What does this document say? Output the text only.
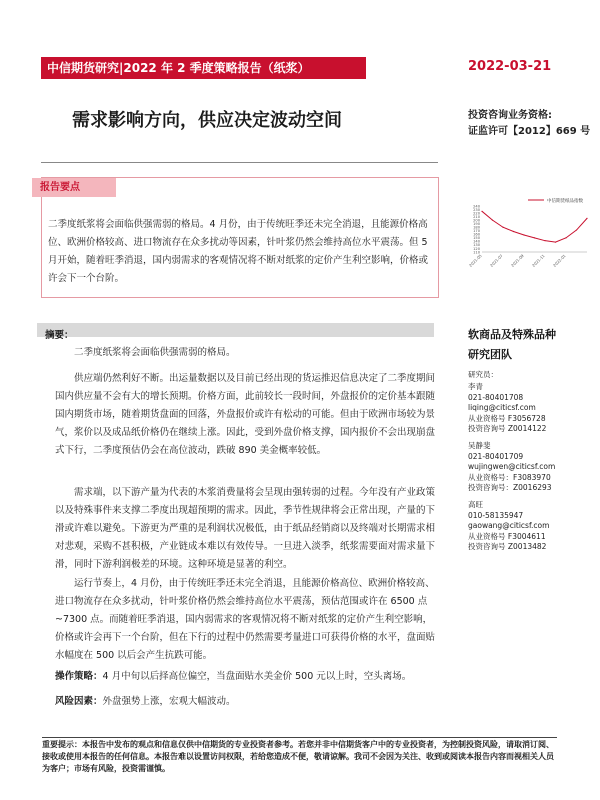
中信期货研究|2022 年 2 季度策略报告（纸浆）	2022-03-21
需求影响方向，供应决定波动空间	投资咨询业务资格:
证监许可【2012】669 号
报告要点
二季度纸浆将会面临供强需弱的格局。4 月份，由于传统旺季还未完全消退，且能源价格高位、欧洲价格较高、进口物流存在众多扰动等因素，针叶浆仍然会维持高位水平震荡。但 5 月开始，随着旺季消退，国内弱需求的客观情况将不断对纸浆的定价产生利空影响，价格或许会下一个台阶。
中信期货纸品指数
240
230
220
210
200
190
180
170
160
150
140
130
120
110
2021-05 2021-07 2021-09 2021-11 2022-01
摘要：

二季度纸浆将会面临供强需弱的格局。

供应端仍然利好不断。出运量数据以及目前已经出现的货运推迟信息决定了二季度期间国内供应量不会有大的增长预期。价格方面，此前较长一段时间，外盘报价的定价基本跟随国内期货市场，随着期货盘面的回落，外盘报价或许有松动的可能。但由于欧洲市场较为景气，浆价以及成品纸价格仍在继续上涨。因此，受到外盘价格支撑，国内报价不会出现崩盘式下行，二季度预估仍会在高位波动，跌破 890 美金概率较低。

需求端，以下游产量为代表的木浆消费量将会呈现由强转弱的过程。今年没有产业政策以及特殊事件来支撑二季度出现超预期的需求。因此，季节性规律将会正常出现，产量的下滑或许难以避免。下游更为严重的是利润状况极低，由于纸品经销商以及终端对长期需求相对悲观，采购不甚积极，产业链成本难以有效传导。一旦进入淡季，纸浆需要面对需求量下滑，同时下游利润极差的环境。这种环境是显著的利空。

运行节奏上，4 月份，由于传统旺季还未完全消退，且能源价格高位、欧洲价格较高、进口物流存在众多扰动，针叶浆价格仍然会维持高位水平震荡，预估范围或许在 6500 点~7300 点。而随着旺季消退，国内弱需求的客观情况将不断对纸浆的定价产生利空影响，价格或许会再下一个台阶，但在下行的过程中仍然需要考量进口可获得价格的水平，盘面贴水幅度在 500 以后会产生抗跌可能。

操作策略：4 月中旬以后择高位偏空，当盘面贴水美金价 500 元以上时，空头离场。

风险因素：外盘强势上涨，宏观大幅波动。

软商品及特殊品种
研究团队
研究员：
李青
021-80401708
liqing@citicsf.com
从业资格号 F3056728
投资咨询号 Z0014122
吴静斐
021-80401709
wujingwen@citicsf.com
从业资格号：F3083970
投资咨询号：Z0016293
高旺
010-58135947
gaowang@citicsf.com
从业资格号 F3004611
投资咨询号 Z0013482
重要提示：本报告中发布的观点和信息仅供中信期货的专业投资者参考。若您并非中信期货客户中的专业投资者，为控制投资风险，请取消订阅、接收或使用本报告的任何信息。本报告难以设置访问权限，若给您造成不便，敬请谅解。我司不会因为关注、收到或阅读本报告内容而视相关人员为客户；市场有风险，投资需谨慎。
